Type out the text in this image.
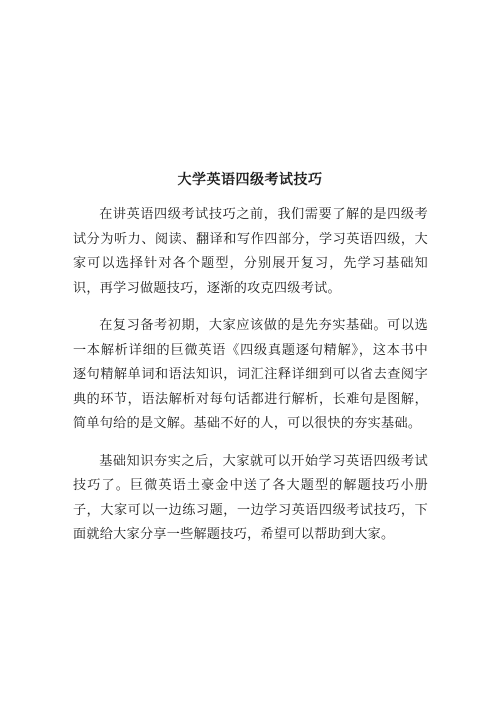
大学英语四级考试技巧

在讲英语四级考试技巧之前，我们需要了解的是四级考试分为听力、阅读、翻译和写作四部分，学习英语四级，大家可以选择针对各个题型，分别展开复习，先学习基础知识，再学习做题技巧，逐渐的攻克四级考试。

在复习备考初期，大家应该做的是先夯实基础。可以选一本解析详细的巨微英语《四级真题逐句精解》，这本书中逐句精解单词和语法知识，词汇注释详细到可以省去查阅字典的环节，语法解析对每句话都进行解析，长难句是图解，简单句给的是文解。基础不好的人，可以很快的夯实基础。

基础知识夯实之后，大家就可以开始学习英语四级考试技巧了。巨微英语土豪金中送了各大题型的解题技巧小册子，大家可以一边练习题，一边学习英语四级考试技巧，下面就给大家分享一些解题技巧，希望可以帮助到大家。
